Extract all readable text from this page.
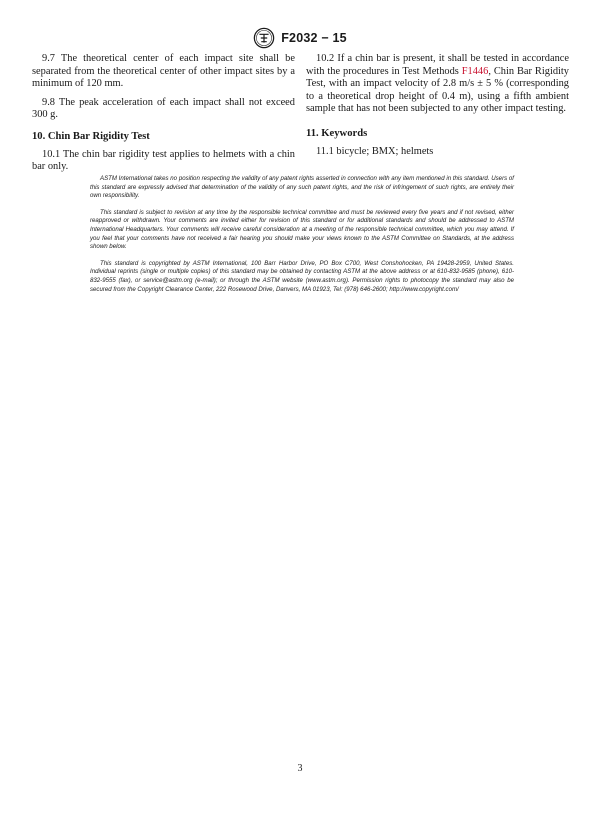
F2032 − 15

9.7 The theoretical center of each impact site shall be separated from the theoretical center of other impact sites by a minimum of 120 mm.

9.8 The peak acceleration of each impact shall not exceed 300 g.

10. Chin Bar Rigidity Test

10.1 The chin bar rigidity test applies to helmets with a chin bar only.

10.2 If a chin bar is present, it shall be tested in accordance with the procedures in Test Methods F1446, Chin Bar Rigidity Test, with an impact velocity of 2.8 m/s ± 5 % (corresponding to a theoretical drop height of 0.4 m), using a fifth ambient sample that has not been subjected to any other impact testing.

11. Keywords

11.1 bicycle; BMX; helmets

ASTM International takes no position respecting the validity of any patent rights asserted in connection with any item mentioned in this standard. Users of this standard are expressly advised that determination of the validity of any such patent rights, and the risk of infringement of such rights, are entirely their own responsibility.

This standard is subject to revision at any time by the responsible technical committee and must be reviewed every five years and if not revised, either reapproved or withdrawn. Your comments are invited either for revision of this standard or for additional standards and should be addressed to ASTM International Headquarters. Your comments will receive careful consideration at a meeting of the responsible technical committee, which you may attend. If you feel that your comments have not received a fair hearing you should make your views known to the ASTM Committee on Standards, at the address shown below.

This standard is copyrighted by ASTM International, 100 Barr Harbor Drive, PO Box C700, West Conshohocken, PA 19428-2959, United States. Individual reprints (single or multiple copies) of this standard may be obtained by contacting ASTM at the above address or at 610-832-9585 (phone), 610-832-9555 (fax), or service@astm.org (e-mail); or through the ASTM website (www.astm.org). Permission rights to photocopy the standard may also be secured from the Copyright Clearance Center, 222 Rosewood Drive, Danvers, MA 01923, Tel: (978) 646-2600; http://www.copyright.com/

3
